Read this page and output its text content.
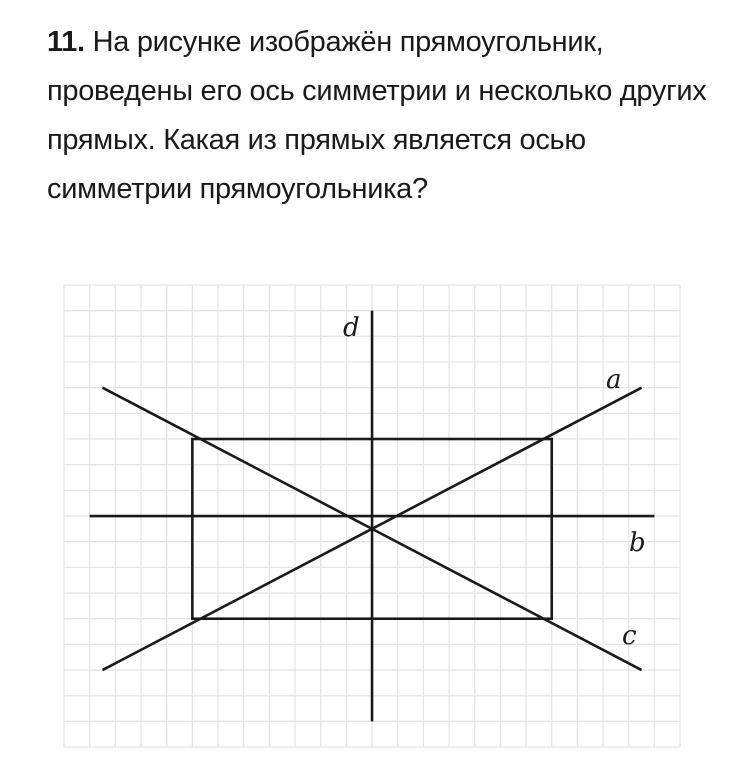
11. На рисунке изображён прямоугольник, проведены его ось симметрии и несколько других прямых. Какая из прямых является осью симметрии прямоугольника?
d
a
b
c
